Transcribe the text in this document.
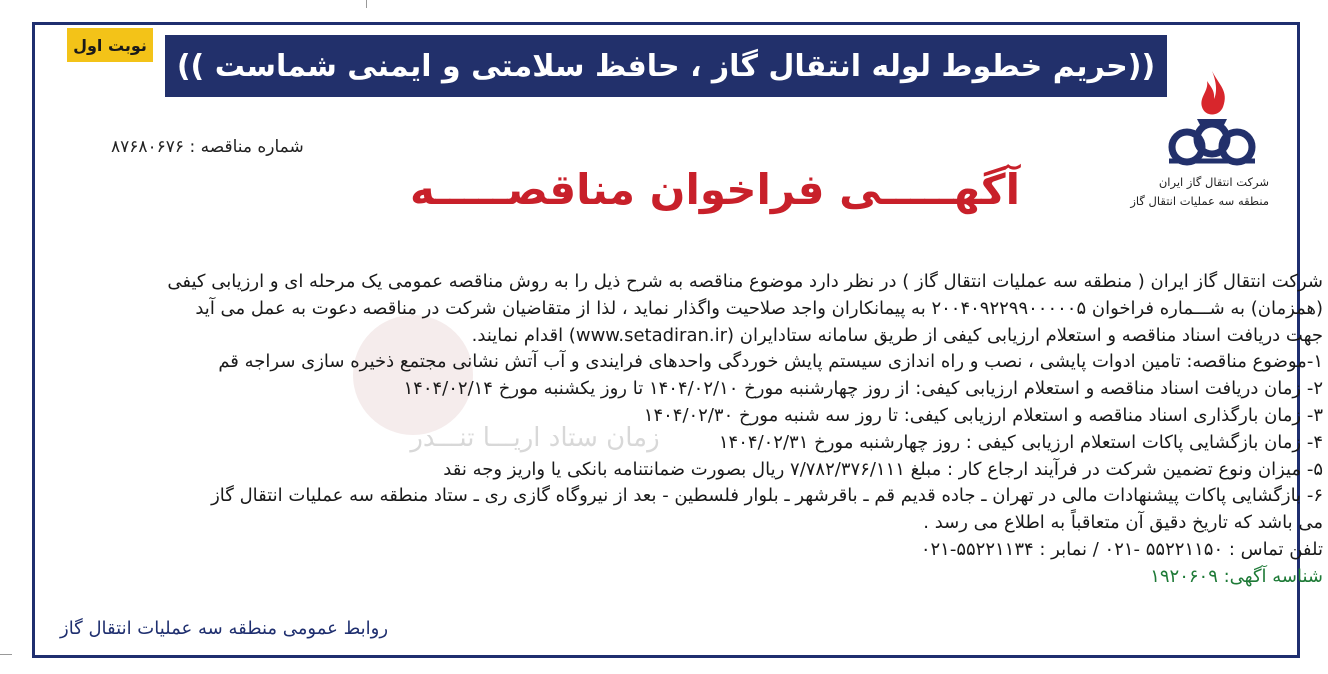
((حریم خطوط لوله انتقال گاز ، حافظ سلامتی و ایمنی شماست ))
نوبت اول
شرکت انتقال گاز ایران
منطقه سه عملیات انتقال گاز
شماره مناقصه : ۸۷۶۸۰۶۷۶
آگهـــــی فراخوان مناقصـــــه
زمان ستاد اریـــا تنـــدر

شرکت انتقال گاز ایران ( منطقه سه عملیات انتقال گاز ) در نظر دارد موضوع مناقصه به شرح ذیل را به روش مناقصه عمومی یک مرحله ای و ارزیابی کیفی

(همزمان) به شـــماره فراخوان ۲۰۰۴۰۹۲۲۹۹۰۰۰۰۰۵ به پیمانکاران واجد صلاحیت واگذار نماید ، لذا از متقاضیان شرکت در مناقصه دعوت به عمل می آید

جهت دریافت اسناد مناقصه و استعلام ارزیابی کیفی از طریق سامانه ستادایران (www.setadiran.ir) اقدام نمایند.

۱-موضوع مناقصه: تامین ادوات پایشی ، نصب و راه اندازی سیستم پایش خوردگی واحدهای فرایندی و آب آتش نشانی مجتمع ذخیره سازی سراجه قم

۲- زمان دریافت اسناد مناقصه و استعلام ارزیابی کیفی: از روز چهارشنبه مورخ ۱۴۰۴/۰۲/۱۰ تا روز یکشنبه مورخ ۱۴۰۴/۰۲/۱۴

۳- زمان بارگذاری اسناد مناقصه و استعلام ارزیابی کیفی: تا روز سه شنبه مورخ ۱۴۰۴/۰۲/۳۰

۴- زمان بازگشایی پاکات استعلام ارزیابی کیفی : روز چهارشنبه مورخ ۱۴۰۴/۰۲/۳۱

۵- میزان ونوع تضمین شرکت در فرآیند ارجاع کار : مبلغ ۷/۷۸۲/۳۷۶/۱۱۱ ریال بصورت ضمانتنامه بانکی یا واریز وجه نقد

۶- بازگشایی پاکات پیشنهادات مالی در تهران ـ جاده قدیم قم ـ باقرشهر ـ بلوار فلسطین - بعد از نیروگاه گازی ری ـ ستاد منطقه سه عملیات انتقال گاز

می باشد که تاریخ دقیق آن متعاقباً به اطلاع می رسد .

تلفن تماس : ۵۵۲۲۱۱۵۰ -۰۲۱ / نمابر : ۵۵۲۲۱۱۳۴-۰۲۱

شناسه آگهی: ۱۹۲۰۶۰۹

روابط عمومی منطقه سه عملیات انتقال گاز
